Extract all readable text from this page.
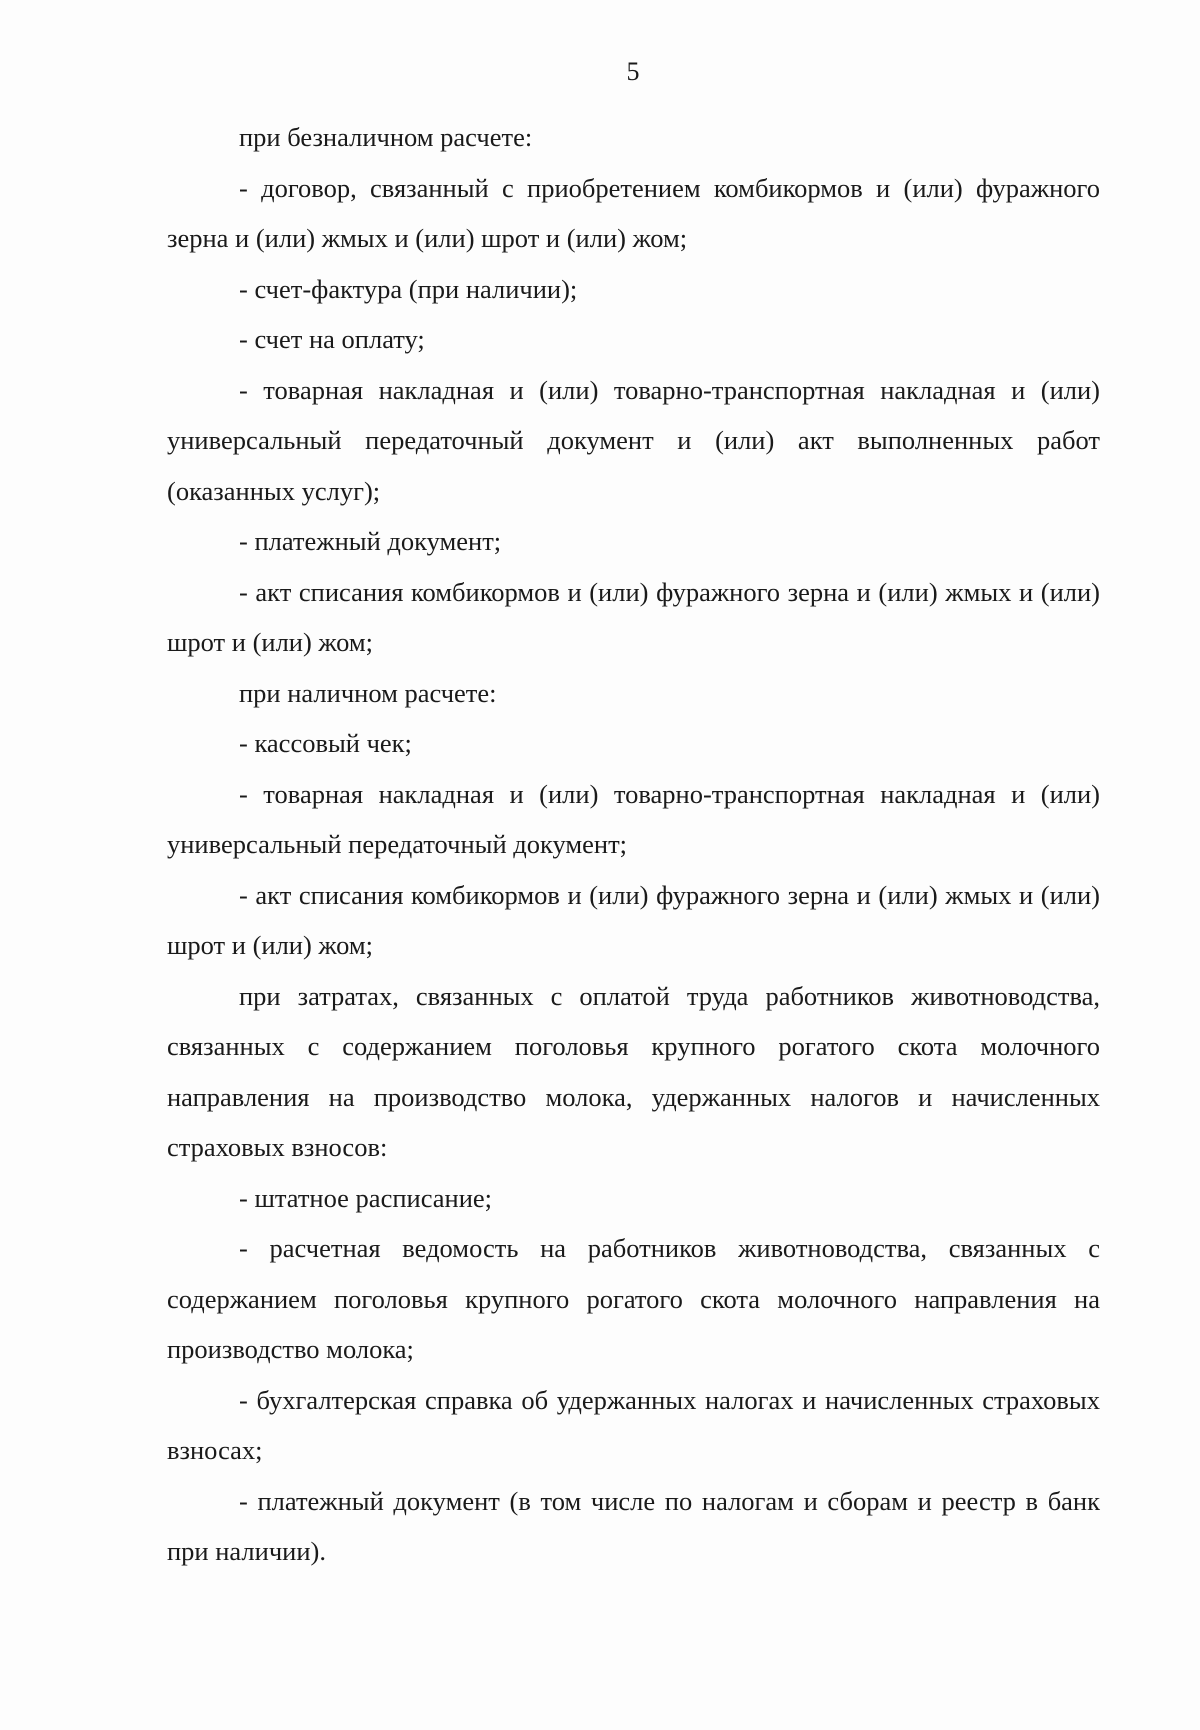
5

при безналичном расчете:

- договор, связанный с приобретением комбикормов и (или) фуражного зерна и (или) жмых и (или) шрот и (или) жом;

- счет-фактура (при наличии);

- счет на оплату;

- товарная накладная и (или) товарно-транспортная накладная и (или) универсальный передаточный документ и (или) акт выполненных работ (оказанных услуг);

- платежный документ;

- акт списания комбикормов и (или) фуражного зерна и (или) жмых и (или) шрот и (или) жом;

при наличном расчете:

- кассовый чек;

- товарная накладная и (или) товарно-транспортная накладная и (или) универсальный передаточный документ;

- акт списания комбикормов и (или) фуражного зерна и (или) жмых и (или) шрот и (или) жом;

при затратах, связанных с оплатой труда работников животноводства, связанных с содержанием поголовья крупного рогатого скота молочного направления на производство молока, удержанных налогов и начисленных страховых взносов:

- штатное расписание;

- расчетная ведомость на работников животноводства, связанных с содержанием поголовья крупного рогатого скота молочного направления на производство молока;

- бухгалтерская справка об удержанных налогах и начисленных страховых взносах;

- платежный документ (в том числе по налогам и сборам и реестр в банк при наличии).
